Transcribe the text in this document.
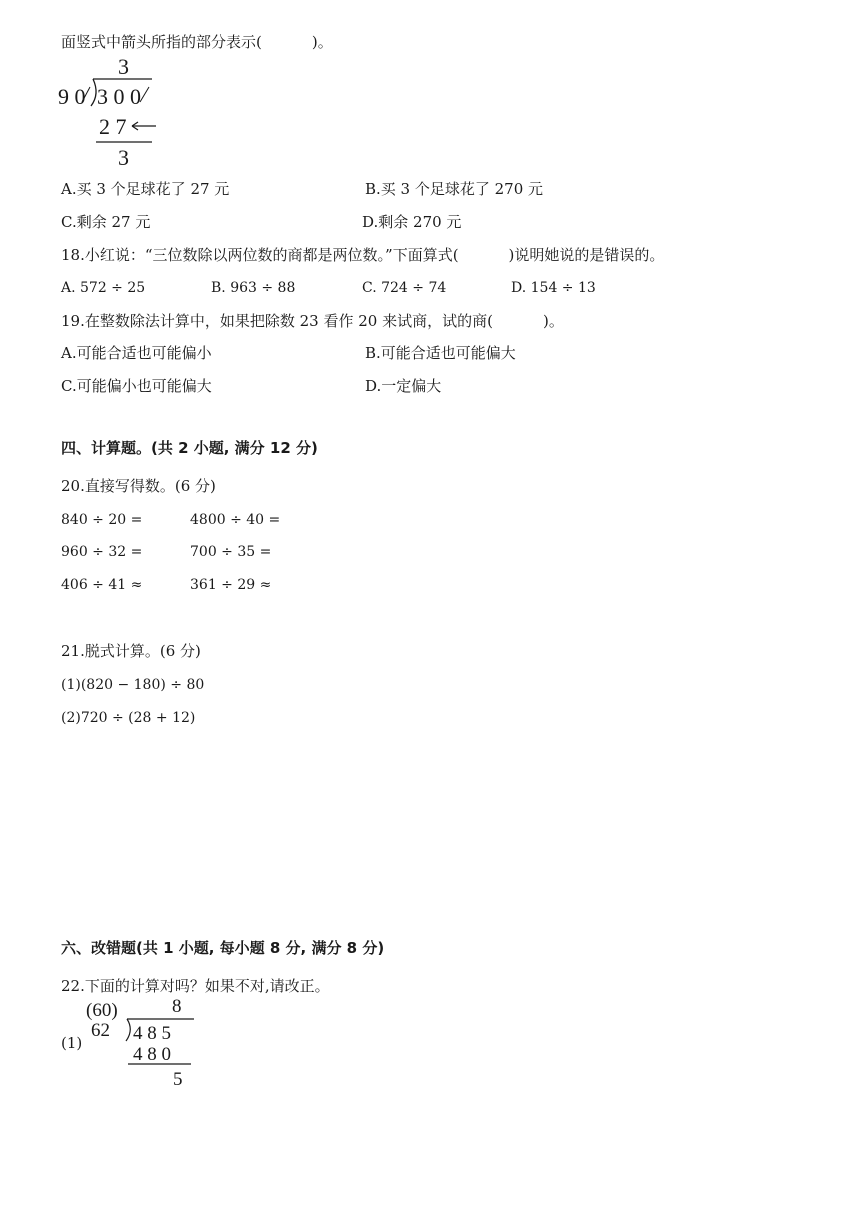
面竖式中箭头所指的部分表示(	)。
3
9 0 3 0 0
2 7
3
A.买 3 个足球花了 27 元	B.买 3 个足球花了 270 元
C.剩余 27 元	D.剩余 270 元
18.小红说：“三位数除以两位数的商都是两位数。”下面算式(	)说明她说的是错误的。
A. 572 ÷ 25	B. 963 ÷ 88	C. 724 ÷ 74	D. 154 ÷ 13
19.在整数除法计算中，如果把除数 23 看作 20 来试商，试的商(	)。
A.可能合适也可能偏小	B.可能合适也可能偏大
C.可能偏小也可能偏大	D.一定偏大
四、计算题。(共 2 小题, 满分 12 分)
20.直接写得数。(6 分)
840 ÷ 20 =	4800 ÷ 40 =
960 ÷ 32 =	700 ÷ 35 =
406 ÷ 41 ≈	361 ÷ 29 ≈
21.脱式计算。(6 分)
(1)(820 − 180) ÷ 80
(2)720 ÷ (28 + 12)
六、改错题(共 1 小题, 每小题 8 分, 满分 8 分)
22.下面的计算对吗？如果不对,请改正。
(1)
(60)	8
62 4 8 5
4 8 0
5
